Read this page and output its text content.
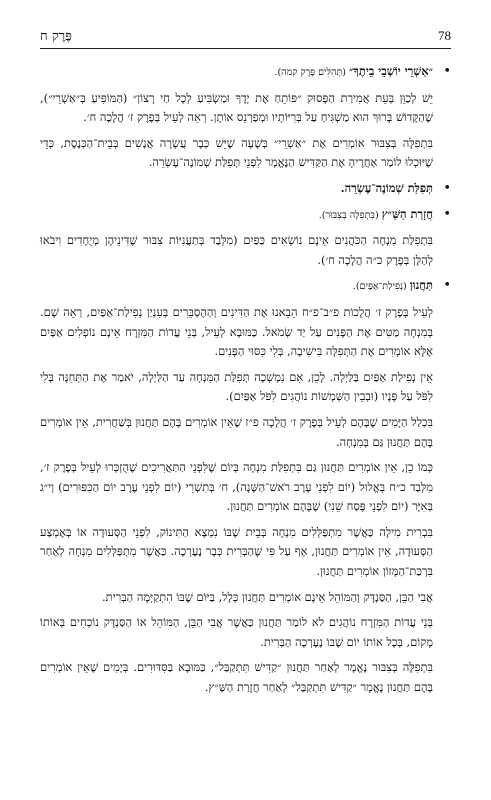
78
פֶּרֶק ח
• ״אַשְׁרֵי יוֹשְׁבֵי בֵיתֶךָ״ (תְּהִלִּים פֶּרֶק קמה).

יֵשׁ לְכַוֵּן בְּעֵת אֲמִירַת הַפָּסוּק ״פּוֹתֵחַ אֶת יָדֶךָ וּמַשְׂבִּיעַ לְכָל חַי רָצוֹן״ (הַמּוֹפִיעַ בְּ״אַשְׁרֵי״), שֶׁהַקָּדוֹשׁ בָּרוּךְ הוּא מַשְׁגִּיחַ עַל בְּרִיּוֹתָיו וּמְפַרְנֵס אוֹתָן. רְאֵה לְעֵיל בְּפֶרֶק ז׳ הֲלָכָה ח׳.

בִּתְפִלָּה בְּצִבּוּר אוֹמְרִים אֶת ״אַשְׁרֵי״ בְּשָׁעָה שֶׁיֵּשׁ כְּבָר עֲשָׂרָה אֲנָשִׁים בְּבֵית־הַכְּנֶסֶת, כְּדֵי שֶׁיּוּכְלוּ לוֹמַר אַחֲרֶיהָ אֶת הַקַּדִּישׁ הַנֶּאֱמָר לִפְנֵי תְּפִלַּת שְׁמוֹנֶה־עֶשְׂרֵה.

• תְּפִלַּת שְׁמוֹנֶה־עֶשְׂרֵה.
• חֲזָרַת הַשַּׁ״ץ (בִּתְפִלָּה בְּצִבּוּר).

בִּתְפִלַּת מִנְחָה הַכֹּהֲנִים אֵינָם נוֹשְׂאִים כַּפַּיִם (מִלְּבַד בְּתַעֲנִיּוֹת צִבּוּר שֶׁדִּינֵיהֶן מְיֻחָדִים וִיבֹאוּ לְהַלָּן בְּפֶרֶק כ״ה הֲלָכָה ח׳).

• תַּחֲנוּן (נְפִילַת־אַפַּיִם).

לְעֵיל בְּפֶרֶק ז׳ הֲלָכוֹת פ״ב־פ״ח הֵבֵאנוּ אֶת הַדִּינִים וְהַהֶסְבֵּרִים בְּעִנְיַן נְפִילַת־אַפַּיִם, רְאֵה שָׁם. בְּמִנְחָה מַטִּים אֶת הַפָּנִים עַל יַד שְׂמֹאל. כַּמּוּבָא לְעֵיל, בְּנֵי עֲדוֹת הַמִּזְרָח אֵינָם נוֹפְלִים אַפַּיִם אֶלָּא אוֹמְרִים אֶת הַתְּפִלָּה בִּישִׁיבָה, בְּלִי כִּסּוּי הַפָּנִים.

אֵין נְפִילַת אַפַּיִם בַּלַּיְלָה. לָכֵן, אִם נִמְשְׁכָה תְּפִלַּת הַמִּנְחָה עַד הַלַּיְלָה, יֹאמַר אֶת הַתְּחִנָּה בְּלִי לִפֹּל עַל פָּנָיו (וּבְבֵין הַשְּׁמָשׁוֹת נוֹהֲגִים לִפֹּל אַפַּיִם).

בִּכְלַל הַיָּמִים שֶׁבָּהֶם לְעֵיל בְּפֶרֶק ז׳ הֲלָכָה פ״ז שֶׁאֵין אוֹמְרִים בָּהֶם תַּחֲנוּן בְּשַׁחֲרִית, אֵין אוֹמְרִים בָּהֶם תַּחֲנוּן גַּם בְּמִנְחָה.

כְּמוֹ כֵן, אֵין אוֹמְרִים תַּחֲנוּן גַּם בִּתְפִלַּת מִנְחָה בְּיוֹם שֶׁלִּפְנֵי הַתַּאֲרִיכִים שֶׁהֻזְכְּרוּ לְעֵיל בְּפֶרֶק ז׳, מִלְּבַד כ״ח בְּאֱלוּל (יוֹם לִפְנֵי עֶרֶב רֹאשׁ־הַשָּׁנָה), ח׳ בְּתִשְׁרֵי (יוֹם לִפְנֵי עֶרֶב יוֹם הַכִּפּוּרִים) וְי״ג בְּאִיָּר (יוֹם לִפְנֵי פֶּסַח שֵׁנִי) שֶׁבָּהֶם אוֹמְרִים תַּחֲנוּן.

בִּבְרִית מִילָה כַּאֲשֶׁר מִתְפַּלְּלִים מִנְחָה בְּבֵית שֶׁבּוֹ נִמְצָא הַתִּינוֹק, לִפְנֵי הַסְּעוּדָה אוֹ בְּאֶמְצַע הַסְּעוּדָה, אֵין אוֹמְרִים תַּחֲנוּן, אַף עַל פִּי שֶׁהַבְּרִית כְּבָר נֶעֶרְכָה. כַּאֲשֶׁר מִתְפַּלְּלִים מִנְחָה לְאַחַר בִּרְכַּת־הַמָּזוֹן אוֹמְרִים תַּחֲנוּן.

אֲבִי הַבֵּן, הַסַּנְדָּק וְהַמּוֹהֵל אֵינָם אוֹמְרִים תַּחֲנוּן כְּלָל, בַּיּוֹם שֶׁבּוֹ הִתְקַיְּמָה הַבְּרִית.

בְּנֵי עֲדוֹת הַמִּזְרָח נוֹהֲגִים לֹא לוֹמַר תַּחֲנוּן כַּאֲשֶׁר אֲבִי הַבֵּן, הַמּוֹהֵל אוֹ הַסַּנְדָּק נוֹכְחִים בְּאוֹתוֹ מָקוֹם, בְּכָל אוֹתוֹ יוֹם שֶׁבּוֹ נֶעֶרְכָה הַבְּרִית.

בִּתְפִלָּה בְּצִבּוּר נֶאֱמָר לְאַחַר תַּחֲנוּן ״קַדִּישׁ תִּתְקַבַּל״, כַּמּוּבָא בַּסִּדּוּרִים. בְּיָמִים שֶׁאֵין אוֹמְרִים בָּהֶם תַּחֲנוּן נֶאֱמָר ״קַדִּישׁ תִּתְקַבַּל״ לְאַחַר חֲזָרַת הַשַּׁ״ץ.
